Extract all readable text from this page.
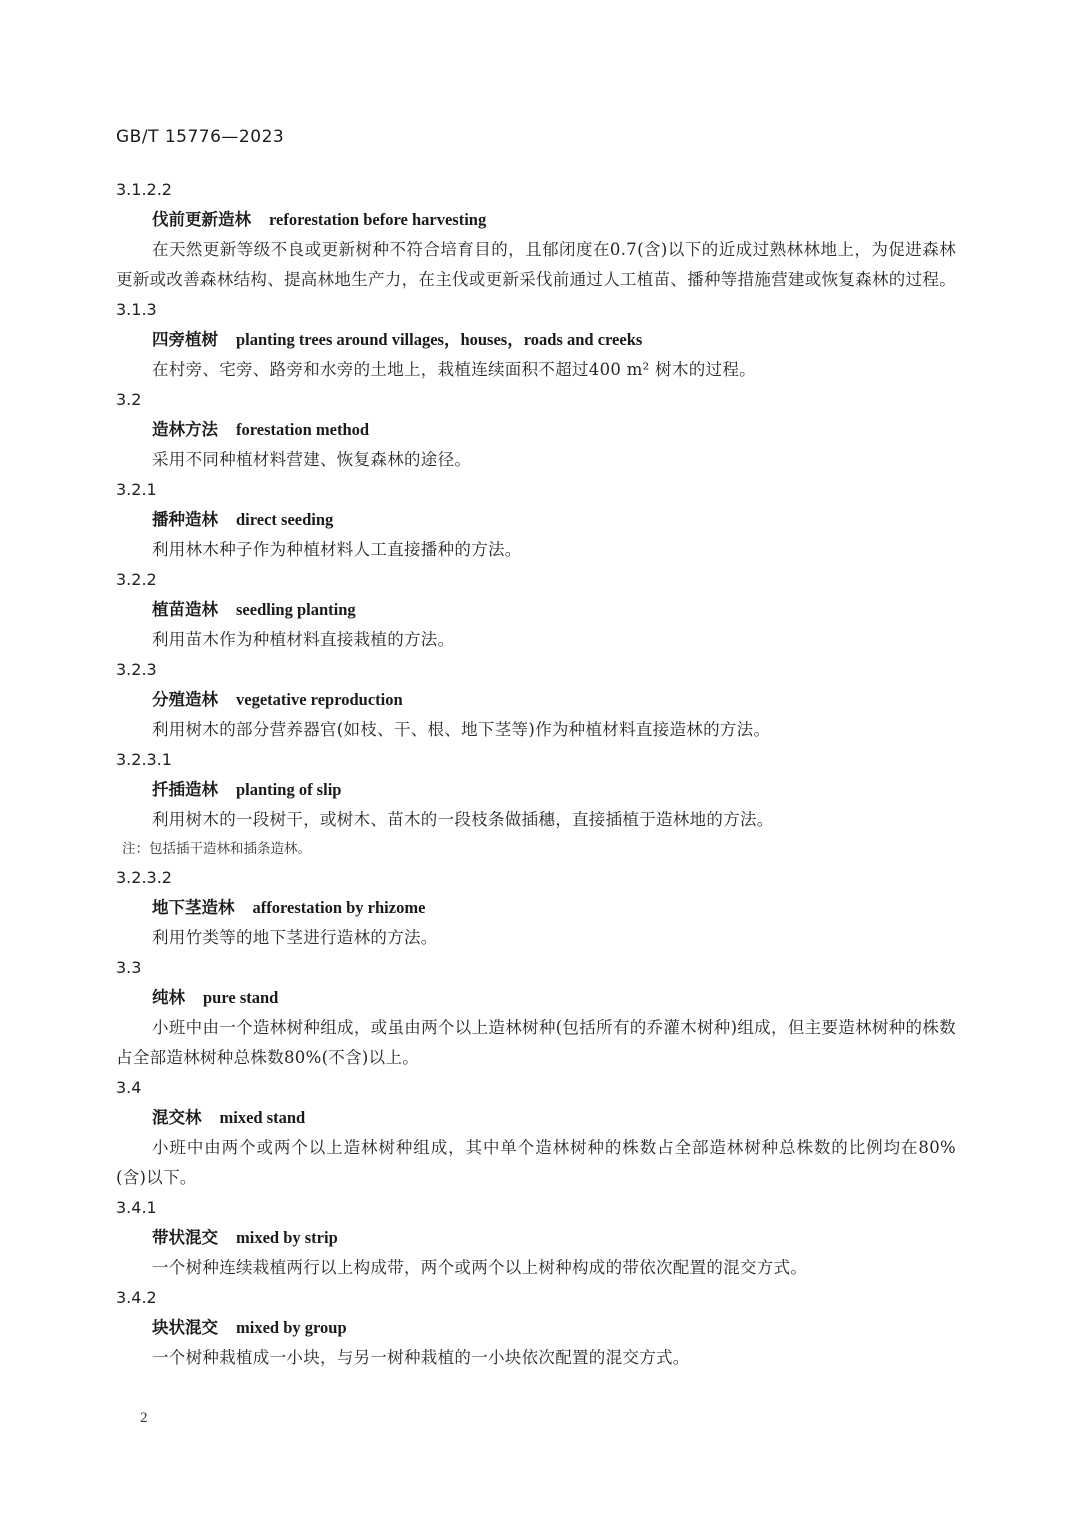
GB/T 15776—2023
3.1.2.2
伐前更新造林 reforestation before harvesting
在天然更新等级不良或更新树种不符合培育目的，且郁闭度在0.7(含)以下的近成过熟林林地上，为促进森林更新或改善森林结构、提高林地生产力，在主伐或更新采伐前通过人工植苗、播种等措施营建或恢复森林的过程。
3.1.3
四旁植树 planting trees around villages，houses，roads and creeks
在村旁、宅旁、路旁和水旁的土地上，栽植连续面积不超过400 m² 树木的过程。
3.2
造林方法 forestation method
采用不同种植材料营建、恢复森林的途径。
3.2.1
播种造林 direct seeding
利用林木种子作为种植材料人工直接播种的方法。
3.2.2
植苗造林 seedling planting
利用苗木作为种植材料直接栽植的方法。
3.2.3
分殖造林 vegetative reproduction
利用树木的部分营养器官(如枝、干、根、地下茎等)作为种植材料直接造林的方法。
3.2.3.1
扦插造林 planting of slip
利用树木的一段树干，或树木、苗木的一段枝条做插穗，直接插植于造林地的方法。
注：包括插干造林和插条造林。
3.2.3.2
地下茎造林 afforestation by rhizome
利用竹类等的地下茎进行造林的方法。
3.3
纯林 pure stand
小班中由一个造林树种组成，或虽由两个以上造林树种(包括所有的乔灌木树种)组成，但主要造林树种的株数占全部造林树种总株数80%(不含)以上。
3.4
混交林 mixed stand
小班中由两个或两个以上造林树种组成，其中单个造林树种的株数占全部造林树种总株数的比例均在80%(含)以下。
3.4.1
带状混交 mixed by strip
一个树种连续栽植两行以上构成带，两个或两个以上树种构成的带依次配置的混交方式。
3.4.2
块状混交 mixed by group
一个树种栽植成一小块，与另一树种栽植的一小块依次配置的混交方式。
2
